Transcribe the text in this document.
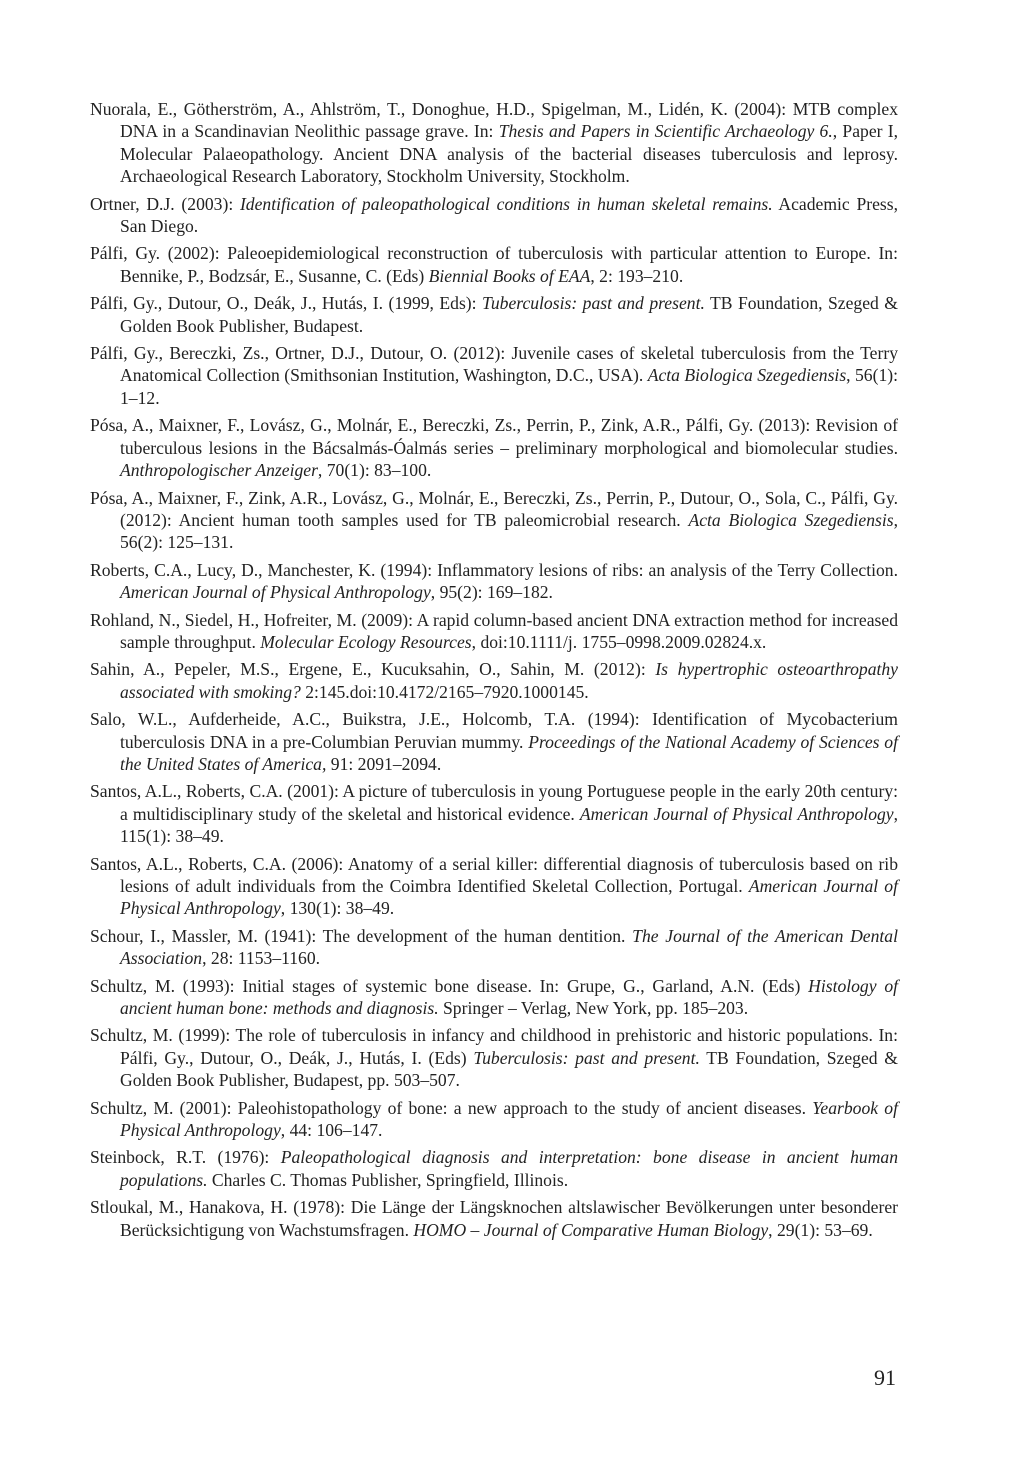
Nuorala, E., Götherström, A., Ahlström, T., Donoghue, H.D., Spigelman, M., Lidén, K. (2004): MTB complex DNA in a Scandinavian Neolithic passage grave. In: Thesis and Papers in Scientific Archaeology 6., Paper I, Molecular Palaeopathology. Ancient DNA analysis of the bacterial diseases tuberculosis and leprosy. Archaeological Research Laboratory, Stockholm University, Stockholm.

Ortner, D.J. (2003): Identification of paleopathological conditions in human skeletal remains. Academic Press, San Diego.

Pálfi, Gy. (2002): Paleoepidemiological reconstruction of tuberculosis with particular attention to Europe. In: Bennike, P., Bodzsár, E., Susanne, C. (Eds) Biennial Books of EAA, 2: 193–210.

Pálfi, Gy., Dutour, O., Deák, J., Hutás, I. (1999, Eds): Tuberculosis: past and present. TB Foundation, Szeged & Golden Book Publisher, Budapest.

Pálfi, Gy., Bereczki, Zs., Ortner, D.J., Dutour, O. (2012): Juvenile cases of skeletal tuberculosis from the Terry Anatomical Collection (Smithsonian Institution, Washington, D.C., USA). Acta Biologica Szegediensis, 56(1): 1–12.

Pósa, A., Maixner, F., Lovász, G., Molnár, E., Bereczki, Zs., Perrin, P., Zink, A.R., Pálfi, Gy. (2013): Revision of tuberculous lesions in the Bácsalmás-Óalmás series – preliminary morphological and biomolecular studies. Anthropologischer Anzeiger, 70(1): 83–100.

Pósa, A., Maixner, F., Zink, A.R., Lovász, G., Molnár, E., Bereczki, Zs., Perrin, P., Dutour, O., Sola, C., Pálfi, Gy. (2012): Ancient human tooth samples used for TB paleomicrobial research. Acta Biologica Szegediensis, 56(2): 125–131.

Roberts, C.A., Lucy, D., Manchester, K. (1994): Inflammatory lesions of ribs: an analysis of the Terry Collection. American Journal of Physical Anthropology, 95(2): 169–182.

Rohland, N., Siedel, H., Hofreiter, M. (2009): A rapid column-based ancient DNA extraction method for increased sample throughput. Molecular Ecology Resources, doi:10.1111/j. 1755–0998.2009.02824.x.

Sahin, A., Pepeler, M.S., Ergene, E., Kucuksahin, O., Sahin, M. (2012): Is hypertrophic osteoarthropathy associated with smoking? 2:145.doi:10.4172/2165–7920.1000145.

Salo, W.L., Aufderheide, A.C., Buikstra, J.E., Holcomb, T.A. (1994): Identification of Mycobacterium tuberculosis DNA in a pre-Columbian Peruvian mummy. Proceedings of the National Academy of Sciences of the United States of America, 91: 2091–2094.

Santos, A.L., Roberts, C.A. (2001): A picture of tuberculosis in young Portuguese people in the early 20th century: a multidisciplinary study of the skeletal and historical evidence. American Journal of Physical Anthropology, 115(1): 38–49.

Santos, A.L., Roberts, C.A. (2006): Anatomy of a serial killer: differential diagnosis of tuberculosis based on rib lesions of adult individuals from the Coimbra Identified Skeletal Collection, Portugal. American Journal of Physical Anthropology, 130(1): 38–49.

Schour, I., Massler, M. (1941): The development of the human dentition. The Journal of the American Dental Association, 28: 1153–1160.

Schultz, M. (1993): Initial stages of systemic bone disease. In: Grupe, G., Garland, A.N. (Eds) Histology of ancient human bone: methods and diagnosis. Springer – Verlag, New York, pp. 185–203.

Schultz, M. (1999): The role of tuberculosis in infancy and childhood in prehistoric and historic populations. In: Pálfi, Gy., Dutour, O., Deák, J., Hutás, I. (Eds) Tuberculosis: past and present. TB Foundation, Szeged & Golden Book Publisher, Budapest, pp. 503–507.

Schultz, M. (2001): Paleohistopathology of bone: a new approach to the study of ancient diseases. Yearbook of Physical Anthropology, 44: 106–147.

Steinbock, R.T. (1976): Paleopathological diagnosis and interpretation: bone disease in ancient human populations. Charles C. Thomas Publisher, Springfield, Illinois.

Stloukal, M., Hanakova, H. (1978): Die Länge der Längsknochen altslawischer Bevölkerungen unter besonderer Berücksichtigung von Wachstumsfragen. HOMO – Journal of Comparative Human Biology, 29(1): 53–69.

91
